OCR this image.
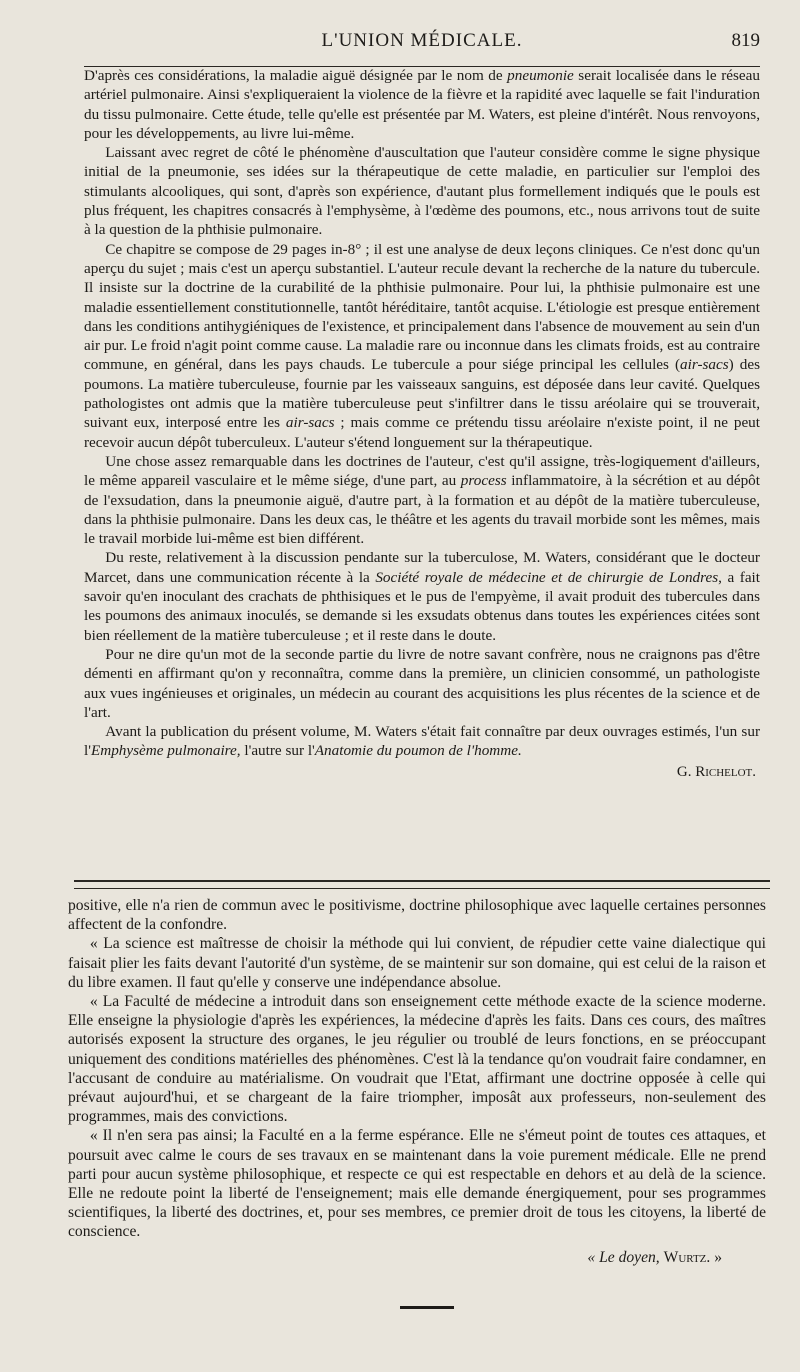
L'UNION MÉDICALE.	819

D'après ces considérations, la maladie aiguë désignée par le nom de pneumonie serait localisée dans le réseau artériel pulmonaire. Ainsi s'expliqueraient la violence de la fièvre et la rapidité avec laquelle se fait l'induration du tissu pulmonaire. Cette étude, telle qu'elle est présentée par M. Waters, est pleine d'intérêt. Nous renvoyons, pour les développements, au livre lui-même.

Laissant avec regret de côté le phénomène d'auscultation que l'auteur considère comme le signe physique initial de la pneumonie, ses idées sur la thérapeutique de cette maladie, en particulier sur l'emploi des stimulants alcooliques, qui sont, d'après son expérience, d'autant plus formellement indiqués que le pouls est plus fréquent, les chapitres consacrés à l'emphysème, à l'œdème des poumons, etc., nous arrivons tout de suite à la question de la phthisie pulmonaire.

Ce chapitre se compose de 29 pages in-8° ; il est une analyse de deux leçons cliniques. Ce n'est donc qu'un aperçu du sujet ; mais c'est un aperçu substantiel. L'auteur recule devant la recherche de la nature du tubercule. Il insiste sur la doctrine de la curabilité de la phthisie pulmonaire. Pour lui, la phthisie pulmonaire est une maladie essentiellement constitutionnelle, tantôt héréditaire, tantôt acquise. L'étiologie est presque entièrement dans les conditions antihygiéniques de l'existence, et principalement dans l'absence de mouvement au sein d'un air pur. Le froid n'agit point comme cause. La maladie rare ou inconnue dans les climats froids, est au contraire commune, en général, dans les pays chauds. Le tubercule a pour siége principal les cellules (air-sacs) des poumons. La matière tuberculeuse, fournie par les vaisseaux sanguins, est déposée dans leur cavité. Quelques pathologistes ont admis que la matière tuberculeuse peut s'infiltrer dans le tissu aréolaire qui se trouverait, suivant eux, interposé entre les air-sacs ; mais comme ce prétendu tissu aréolaire n'existe point, il ne peut recevoir aucun dépôt tuberculeux. L'auteur s'étend longuement sur la thérapeutique.

Une chose assez remarquable dans les doctrines de l'auteur, c'est qu'il assigne, très-logiquement d'ailleurs, le même appareil vasculaire et le même siége, d'une part, au process inflammatoire, à la sécrétion et au dépôt de l'exsudation, dans la pneumonie aiguë, d'autre part, à la formation et au dépôt de la matière tuberculeuse, dans la phthisie pulmonaire. Dans les deux cas, le théâtre et les agents du travail morbide sont les mêmes, mais le travail morbide lui-même est bien différent.

Du reste, relativement à la discussion pendante sur la tuberculose, M. Waters, considérant que le docteur Marcet, dans une communication récente à la Société royale de médecine et de chirurgie de Londres, a fait savoir qu'en inoculant des crachats de phthisiques et le pus de l'empyème, il avait produit des tubercules dans les poumons des animaux inoculés, se demande si les exsudats obtenus dans toutes les expériences citées sont bien réellement de la matière tuberculeuse ; et il reste dans le doute.

Pour ne dire qu'un mot de la seconde partie du livre de notre savant confrère, nous ne craignons pas d'être démenti en affirmant qu'on y reconnaîtra, comme dans la première, un clinicien consommé, un pathologiste aux vues ingénieuses et originales, un médecin au courant des acquisitions les plus récentes de la science et de l'art.

Avant la publication du présent volume, M. Waters s'était fait connaître par deux ouvrages estimés, l'un sur l'Emphysème pulmonaire, l'autre sur l'Anatomie du poumon de l'homme.

G. Richelot.

positive, elle n'a rien de commun avec le positivisme, doctrine philosophique avec laquelle certaines personnes affectent de la confondre.

« La science est maîtresse de choisir la méthode qui lui convient, de répudier cette vaine dialectique qui faisait plier les faits devant l'autorité d'un système, de se maintenir sur son domaine, qui est celui de la raison et du libre examen. Il faut qu'elle y conserve une indépendance absolue.

« La Faculté de médecine a introduit dans son enseignement cette méthode exacte de la science moderne. Elle enseigne la physiologie d'après les expériences, la médecine d'après les faits. Dans ces cours, des maîtres autorisés exposent la structure des organes, le jeu régulier ou troublé de leurs fonctions, en se préoccupant uniquement des conditions matérielles des phénomènes. C'est là la tendance qu'on voudrait faire condamner, en l'accusant de conduire au matérialisme. On voudrait que l'Etat, affirmant une doctrine opposée à celle qui prévaut aujourd'hui, et se chargeant de la faire triompher, imposât aux professeurs, non-seulement des programmes, mais des convictions.

« Il n'en sera pas ainsi; la Faculté en a la ferme espérance. Elle ne s'émeut point de toutes ces attaques, et poursuit avec calme le cours de ses travaux en se maintenant dans la voie purement médicale. Elle ne prend parti pour aucun système philosophique, et respecte ce qui est respectable en dehors et au delà de la science. Elle ne redoute point la liberté de l'enseignement; mais elle demande énergiquement, pour ses programmes scientifiques, la liberté des doctrines, et, pour ses membres, ce premier droit de tous les citoyens, la liberté de conscience.

« Le doyen, Wurtz. »
